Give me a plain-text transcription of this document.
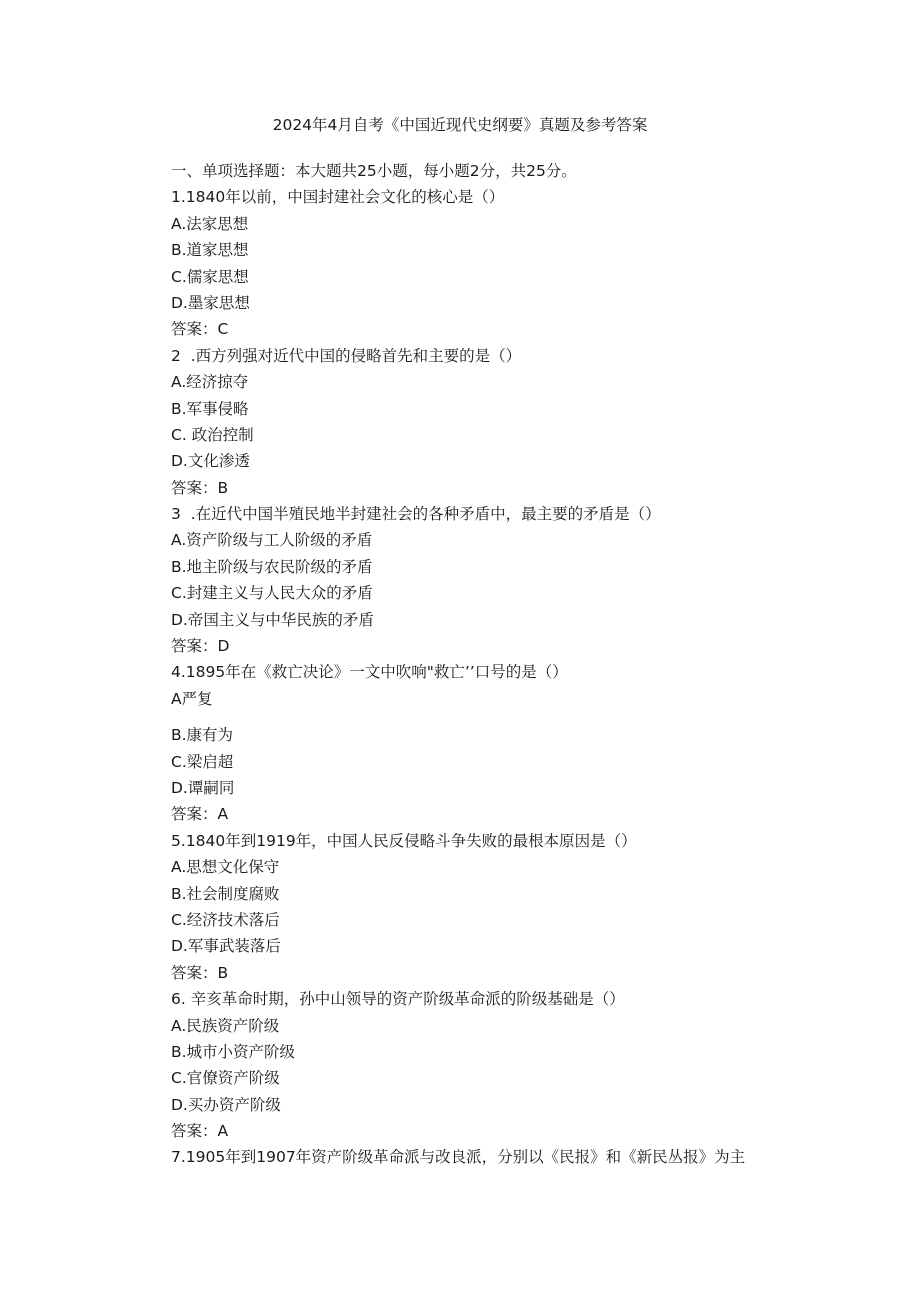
2024年4月自考《中国近现代史纲要》真题及参考答案
一、单项选择题：本大题共25小题，每小题2分，共25分。
1.1840年以前，中国封建社会文化的核心是（）
A.法家思想
B.道家思想
C.儒家思想
D.墨家思想
答案：C
2  .西方列强对近代中国的侵略首先和主要的是（）
A.经济掠夺
B.军事侵略
C. 政治控制
D.文化渗透
答案：B
3  .在近代中国半殖民地半封建社会的各种矛盾中，最主要的矛盾是（）
A.资产阶级与工人阶级的矛盾
B.地主阶级与农民阶级的矛盾
C.封建主义与人民大众的矛盾
D.帝国主义与中华民族的矛盾
答案：D
4.1895年在《救亡决论》一文中吹响"救亡’’口号的是（）
A严复
B.康有为
C.梁启超
D.谭嗣同
答案：A
5.1840年到1919年，中国人民反侵略斗争失败的最根本原因是（）
A.思想文化保守
B.社会制度腐败
C.经济技术落后
D.军事武装落后
答案：B
6. 辛亥革命时期，孙中山领导的资产阶级革命派的阶级基础是（）
A.民族资产阶级
B.城市小资产阶级
C.官僚资产阶级
D.买办资产阶级
答案：A
7.1905年到1907年资产阶级革命派与改良派，分别以《民报》和《新民丛报》为主
